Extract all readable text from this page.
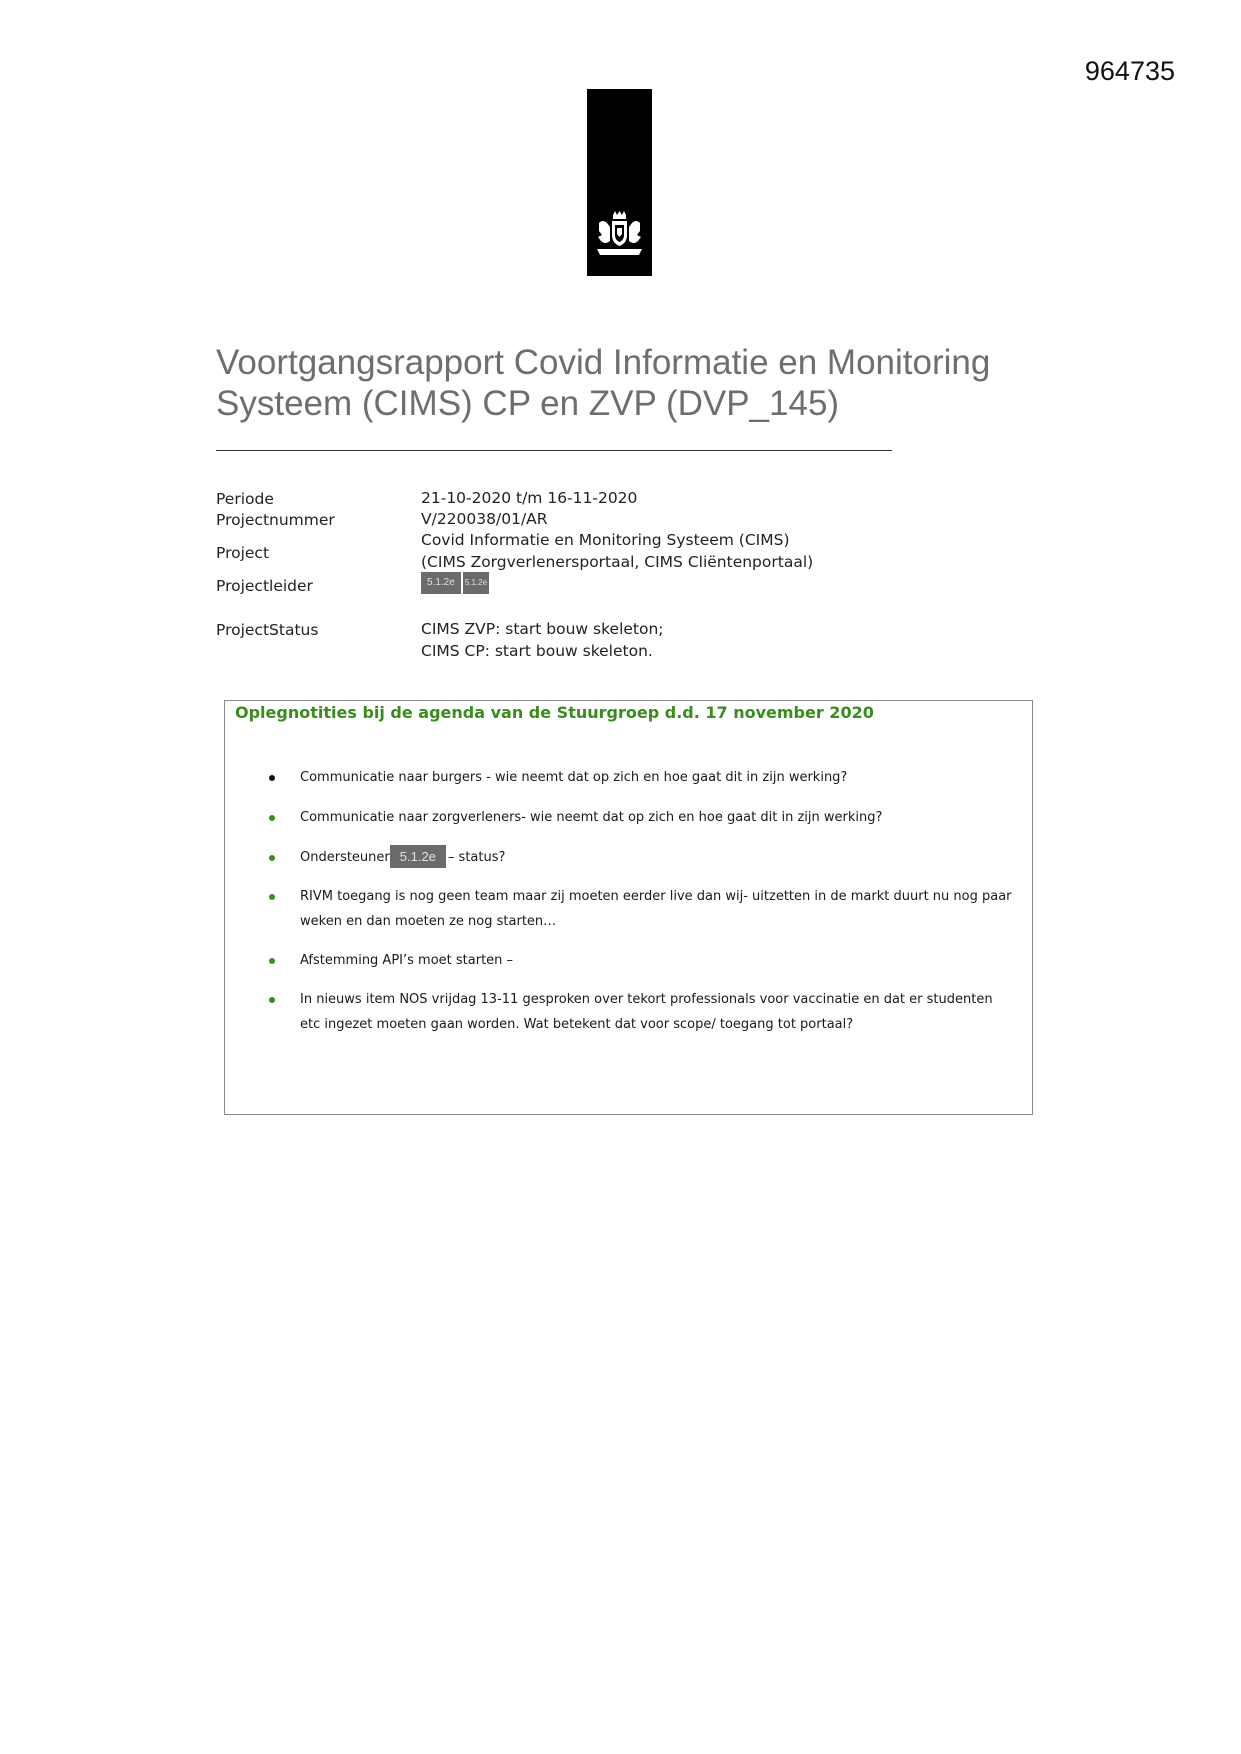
964735
Voortgangsrapport Covid Informatie en Monitoring
Systeem (CIMS) CP en ZVP (DVP_145)
Periode	21-10-2020 t/m 16-11-2020
Projectnummer	V/220038/01/AR
Project
Covid Informatie en Monitoring Systeem (CIMS)
(CIMS Zorgverlenersportaal, CIMS Cliëntenportaal)
Projectleider	5.1.2e 5.1.2e
ProjectStatus	CIMS ZVP: start bouw skeleton;
CIMS CP: start bouw skeleton.
Oplegnotities bij de agenda van de Stuurgroep d.d. 17 november 2020
Communicatie naar burgers - wie neemt dat op zich en hoe gaat dit in zijn werking?
Communicatie naar zorgverleners- wie neemt dat op zich en hoe gaat dit in zijn werking?
Ondersteuner 5.1.2e – status?
RIVM toegang is nog geen team maar zij moeten eerder live dan wij- uitzetten in de markt duurt nu nog paar weken en dan moeten ze nog starten…
Afstemming API’s moet starten –
In nieuws item NOS vrijdag 13-11 gesproken over tekort professionals voor vaccinatie en dat er studenten etc ingezet moeten gaan worden. Wat betekent dat voor scope/ toegang tot portaal?
